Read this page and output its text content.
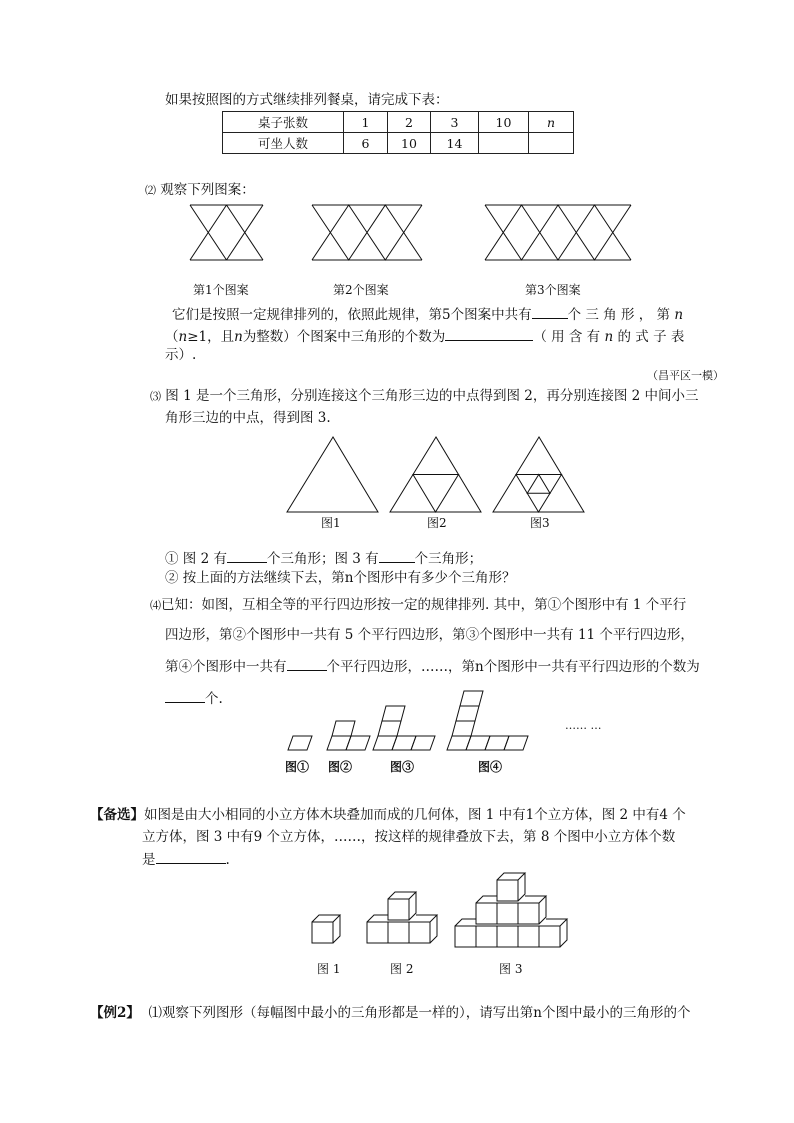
如果按照图的方式继续排列餐桌，请完成下表：
桌子张数	1	2	3	10	n
可坐人数	6	10	14		
⑵ 观察下列图案：
第1个图案	第2个图案	第3个图案
它们是按照一定规律排列的，依照此规律，第5个图案中共有	个 三 角 形 ， 第 n
（n≥1，且n为整数）个图案中三角形的个数为	（ 用 含 有 n 的 式 子 表
示）.
（昌平区一模）
⑶ 图 1 是一个三角形，分别连接这个三角形三边的中点得到图 2，再分别连接图 2 中间小三
角形三边的中点，得到图 3.
图1	图2	图3
① 图 2 有	个三角形；图 3 有	个三角形；
② 按上面的方法继续下去，第n个图形中有多少个三角形？
⑷已知：如图，互相全等的平行四边形按一定的规律排列. 其中，第①个图形中有 1 个平行
四边形，第②个图形中一共有 5 个平行四边形，第③个图形中一共有 11 个平行四边形，
第④个图形中一共有	个平行四边形，……，第n个图形中一共有平行四边形的个数为
个.
…… …
图① 图②	图③	图④
【备选】如图是由大小相同的小立方体木块叠加而成的几何体，图 1 中有1个立方体，图 2 中有4 个
立方体，图 3 中有9 个立方体，……，按这样的规律叠放下去，第 8 个图中小立方体个数
是	.
图 1	图 2	图 3
【例2】 ⑴观察下列图形（每幅图中最小的三角形都是一样的），请写出第n个图中最小的三角形的个
